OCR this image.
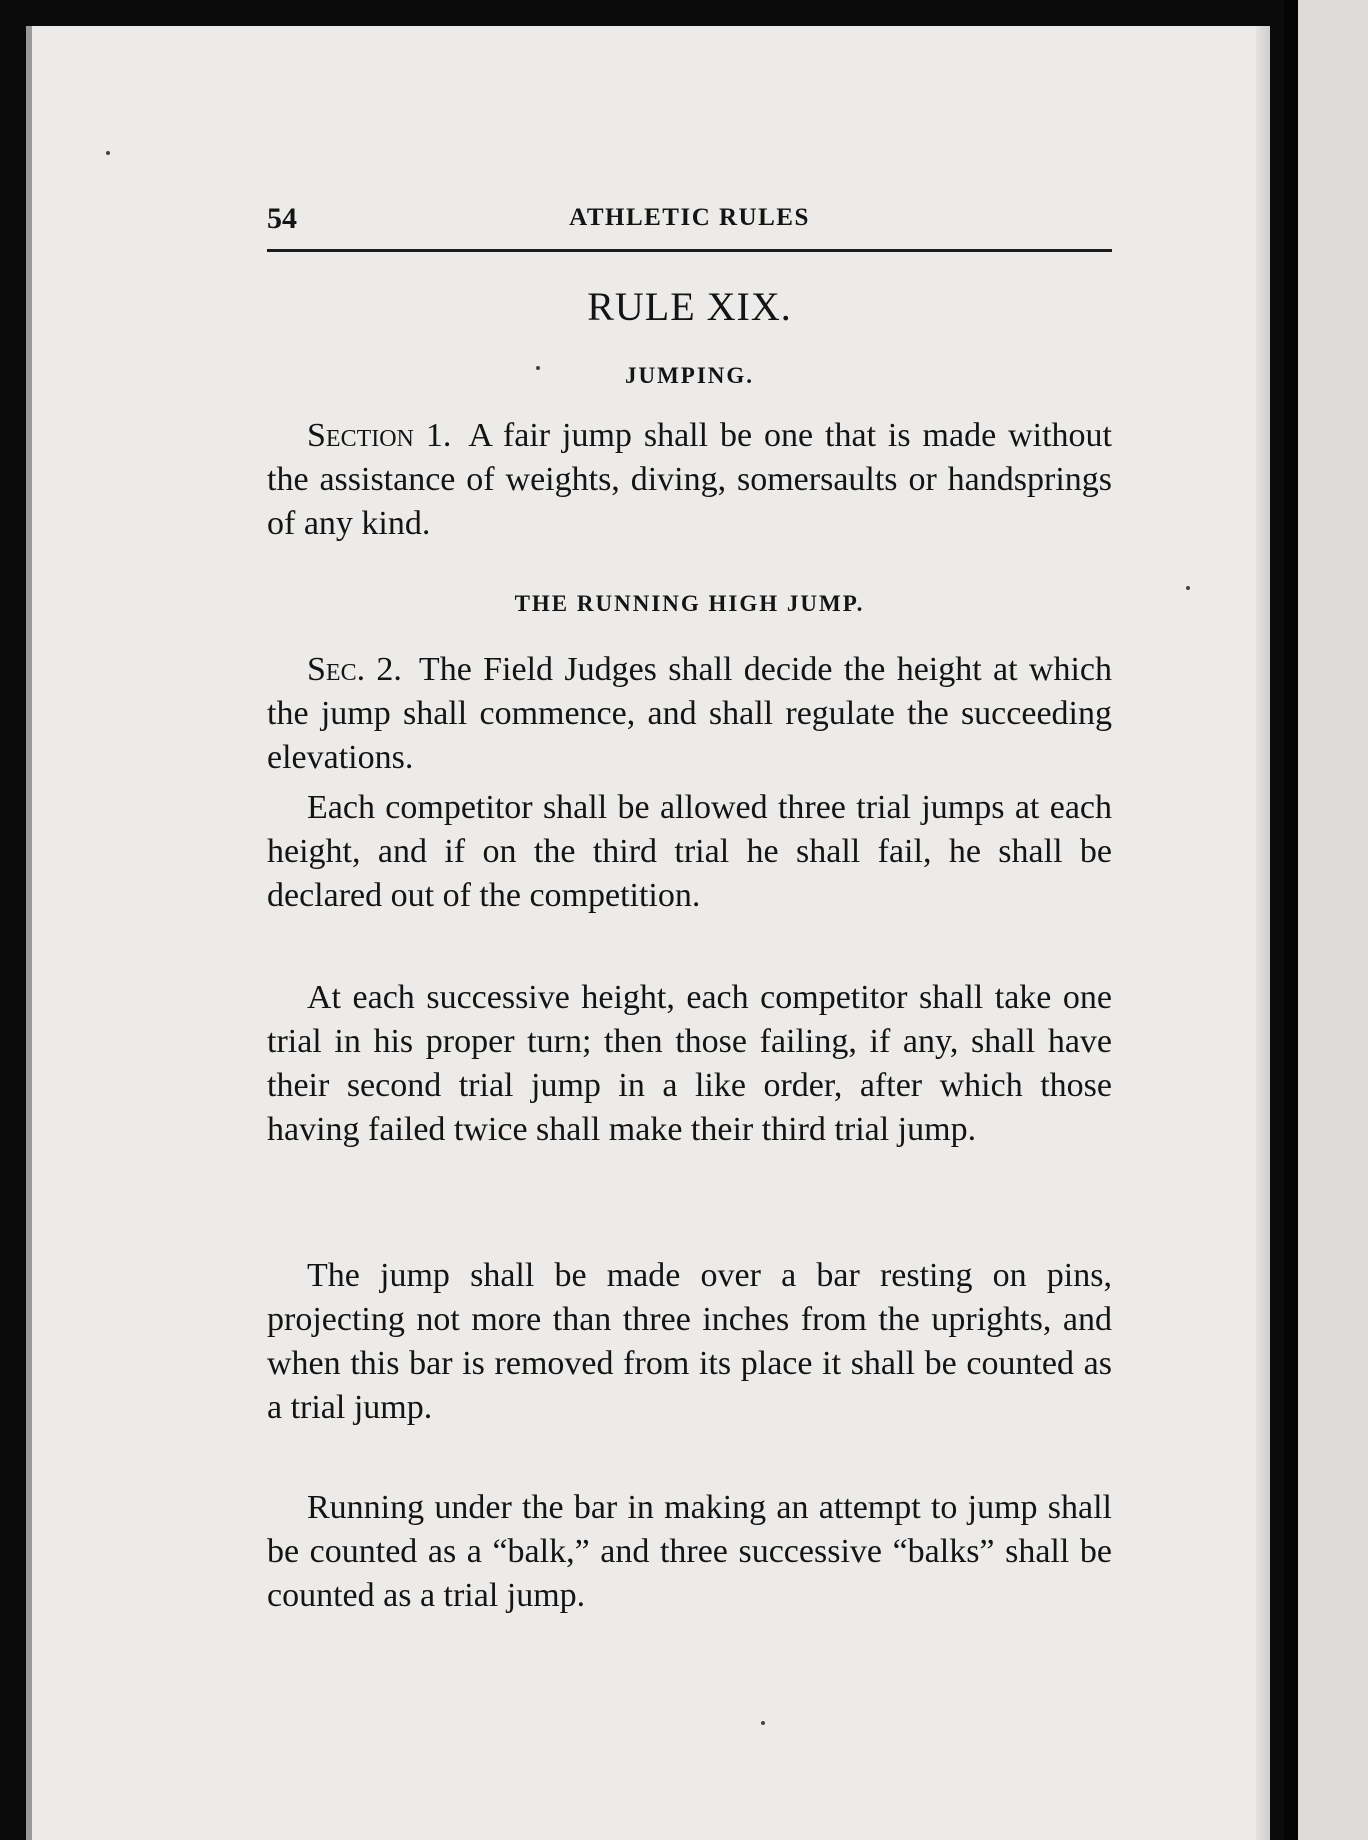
54	ATHLETIC RULES
RULE XIX.
JUMPING.

Section 1.  A fair jump shall be one that is made without the assistance of weights, diving, somersaults or handsprings of any kind.

THE RUNNING HIGH JUMP.

Sec. 2.  The Field Judges shall decide the height at which the jump shall commence, and shall regulate the succeeding elevations.

Each competitor shall be allowed three trial jumps at each height, and if on the third trial he shall fail, he shall be declared out of the competition.

At each successive height, each competitor shall take one trial in his proper turn; then those failing, if any, shall have their second trial jump in a like order, after which those having failed twice shall make their third trial jump.

The jump shall be made over a bar resting on pins, projecting not more than three inches from the uprights, and when this bar is removed from its place it shall be counted as a trial jump.

Running under the bar in making an attempt to jump shall be counted as a “balk,” and three successive “balks” shall be counted as a trial jump.
